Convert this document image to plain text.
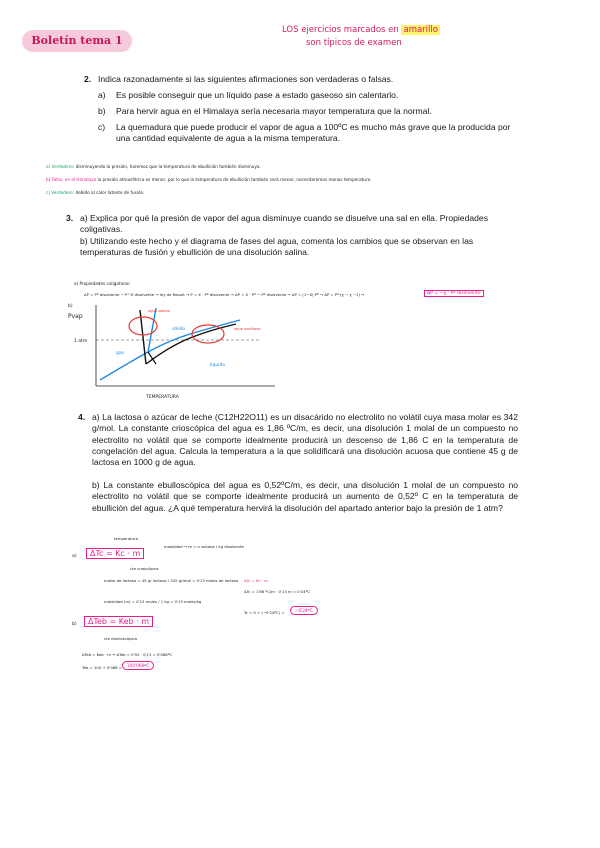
Boletín tema 1
LOS ejercicios marcados en amarillo
son típicos de examen
2. Indica razonadamente si las siguientes afirmaciones son verdaderas o falsas.
a) Es posible conseguir que un líquido pase a estado gaseoso sin calentarlo.
b) Para hervir agua en el Himalaya sería necesaria mayor temperatura que la normal.
c) La quemadura que puede producir el vapor de agua a 100ºC es mucho más grave que la producida por una cantidad equivalente de agua a la misma temperatura.
a) Verdadero: disminuyendo la presión, haremos que la temperatura de ebullición también disminuya.
b) Falso, en el Himalaya la presión atmosférica es menor, por lo que la temperatura de ebullición también será menor, necesitaremos menos temperatura.
c) Verdadero: debido al calor latente de fusión.
3. a) Explica por qué la presión de vapor del agua disminuye cuando se disuelve una sal en ella. Propiedades coligativas.
b) Utilizando este hecho y el diagrama de fases del agua, comenta los cambios que se observan en las temperaturas de fusión y ebullición de una disolución salina.
a) Propiedades coligativas:
ΔP = Pº disolvente − P^D disolvente → ley de Raoult → P = X · Pº disolvente → ΔP = X · Pº − Pº disolvente → ΔP = (1−X)·Pº → ΔP = Pº·(χ − χ −1) →	ΔP = −χ · Pº disolvente
b)
Pvap
1 atm
TEMPERATURA
sólido
líquido
gas
agua salada
agua destilada
4. a) La lactosa o azúcar de leche (C12H22O11) es un disacárido no electrolito no volátil cuya masa molar es 342 g/mol. La constante crioscópica del agua es 1,86 ºC/m, es decir, una disolución 1 molal de un compuesto no electrolito no volátil que se comporte idealmente producirá un descenso de 1,86 C en la temperatura de congelación del agua. Calcula la temperatura a la que solidificará una disolución acuosa que contiene 45 g de lactosa en 1000 g de agua.
b) La constante ebulloscópica del agua es 0,52ºC/m, es decir, una disolución 1 molal de un compuesto no electrolito no volátil que se comporte idealmente producirá un aumento de 0,52º C en la temperatura de ebullición del agua. ¿A qué temperatura hervirá la disolución del apartado anterior bajo la presión de 1 atm?
temperatura
a)	ΔTc = Kc · m
molalidad → m = n solutos / kg disolvente
cte crioscópica
moles de lactosa = 45 gr lactosa / 342 gr/mol = 0'13 moles de lactosa
molalidad (m) = 0'13 moles / 1 kg = 0'13 moles/kg
ΔTc = Kc · m
ΔTc = 1'86 ºC/m · 0'13 m = 0'24ºC
Tc = 0 + (−0'24ºC) =	−0'24ºC
b)	ΔTeb = Keb · m
cte ebulloscópica
ΔTeb = Keb · m → ΔTeb = 0'52 · 0'13 = 0'068ºC
Teb = 100 + 0'068 =	100'068ºC
